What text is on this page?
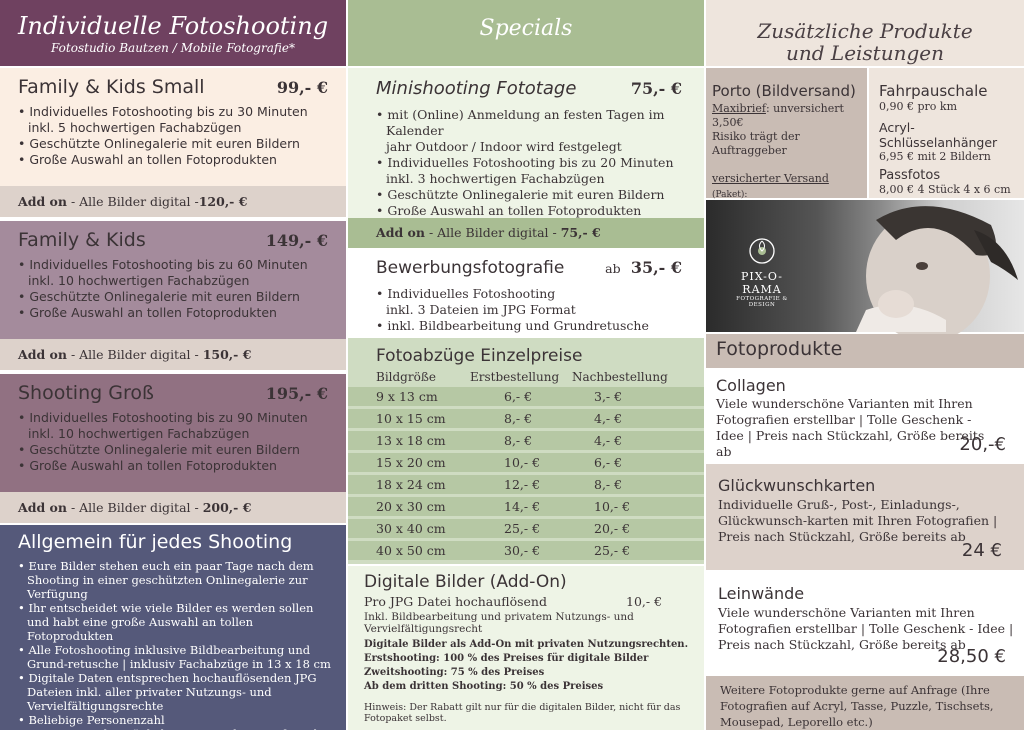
Individuelle Fotoshooting
Fotostudio Bautzen / Mobile Fotografie*
Family & Kids Small	99,- €
• Individuelles Fotoshooting bis zu 30 Minuten
inkl. 5 hochwertigen Fachabzügen
• Geschützte Onlinegalerie mit euren Bildern
• Große Auswahl an tollen Fotoprodukten
Add on - Alle Bilder digital -120,- €
Family & Kids	149,- €
• Individuelles Fotoshooting bis zu 60 Minuten
inkl. 10 hochwertigen Fachabzügen
• Geschützte Onlinegalerie mit euren Bildern
• Große Auswahl an tollen Fotoprodukten
Add on - Alle Bilder digital - 150,- €
Shooting Groß	195,- €
• Individuelles Fotoshooting bis zu 90 Minuten
inkl. 10 hochwertigen Fachabzügen
• Geschützte Onlinegalerie mit euren Bildern
• Große Auswahl an tollen Fotoprodukten
Add on - Alle Bilder digital - 200,- €
Allgemein für jedes Shooting
• Eure Bilder stehen euch ein paar Tage nach dem Shooting in einer geschützten Onlinegalerie zur Verfügung
• Ihr entscheidet wie viele Bilder es werden sollen und habt eine große Auswahl an tollen Fotoprodukten
• Alle Fotoshooting inklusive Bildbearbeitung und Grund-retusche | inklusiv Fachabzüge in 13 x 18 cm
• Digitale Daten entsprechen hochauflösenden JPG Dateien inkl. aller privater Nutzungs- und Vervielfältigungsrechte
• Beliebige Personenzahl
• Extra Retusche möglich - Preis nach Zeitaufwand
• *Servicepauschale ab 25,00 Euro
Specials
Minishooting Fototage	75,- €
• mit (Online) Anmeldung an festen Tagen im Kalender
jahr Outdoor / Indoor wird festgelegt
• Individuelles Fotoshooting bis zu 20 Minuten
inkl. 3 hochwertigen Fachabzügen
• Geschützte Onlinegalerie mit euren Bildern
• Große Auswahl an tollen Fotoprodukten
Add on - Alle Bilder digital - 75,- €
Bewerbungsfotografie	ab 35,- €
• Individuelles Fotoshooting
inkl. 3 Dateien im JPG Format
• inkl. Bildbearbeitung und Grundretusche
Fotoabzüge Einzelpreise
Bildgröße	Erstbestellung	Nachbestellung
9 x 13 cm	6,- €	3,- €
10 x 15 cm	8,- €	4,- €
13 x 18 cm	8,- €	4,- €
15 x 20 cm	10,- €	6,- €
18 x 24 cm	12,- €	8,- €
20 x 30 cm	14,- €	10,- €
30 x 40 cm	25,- €	20,- €
40 x 50 cm	30,- €	25,- €
Digitale Bilder (Add-On)
Pro JPG Datei hochauflösend	10,- €
Inkl. Bildbearbeitung und privatem Nutzungs- und Vervielfältigungsrecht
Digitale Bilder als Add-On mit privaten Nutzungsrechten.
Erstshooting: 100 % des Preises für digitale Bilder
Zweitshooting: 75 % des Preises
Ab dem dritten Shooting: 50 % des Preises
Hinweis: Der Rabatt gilt nur für die digitalen Bilder, nicht für das Fotopaket selbst.
Zusätzliche Produkte
und Leistungen
Porto (Bildversand)
Maxibrief: unversichert 3,50€
Risiko trägt der Auftraggeber
versicherter Versand (Paket):
Fahrpauschale
0,90 € pro km
Acryl-Schlüsselanhänger
6,95 € mit 2 Bildern
Passfotos
8,00 € 4 Stück 4 x 6 cm
PIX-O-RAMA
FOTOGRAFIE & DESIGN
Fotoprodukte
Collagen
Viele wunderschöne Varianten mit Ihren Fotografien erstellbar | Tolle Geschenk - Idee | Preis nach Stückzahl, Größe bereits ab	20,-€
Glückwunschkarten
Individuelle Gruß-, Post-, Einladungs-, Glückwunsch-karten mit Ihren Fotografien | Preis nach Stückzahl, Größe bereits ab
24 €
Leinwände
Viele wunderschöne Varianten mit Ihren Fotografien erstellbar | Tolle Geschenk - Idee | Preis nach Stückzahl, Größe bereits ab
28,50 €
Weitere Fotoprodukte gerne auf Anfrage (Ihre Fotografien auf Acryl, Tasse, Puzzle, Tischsets, Mousepad, Leporello etc.)
